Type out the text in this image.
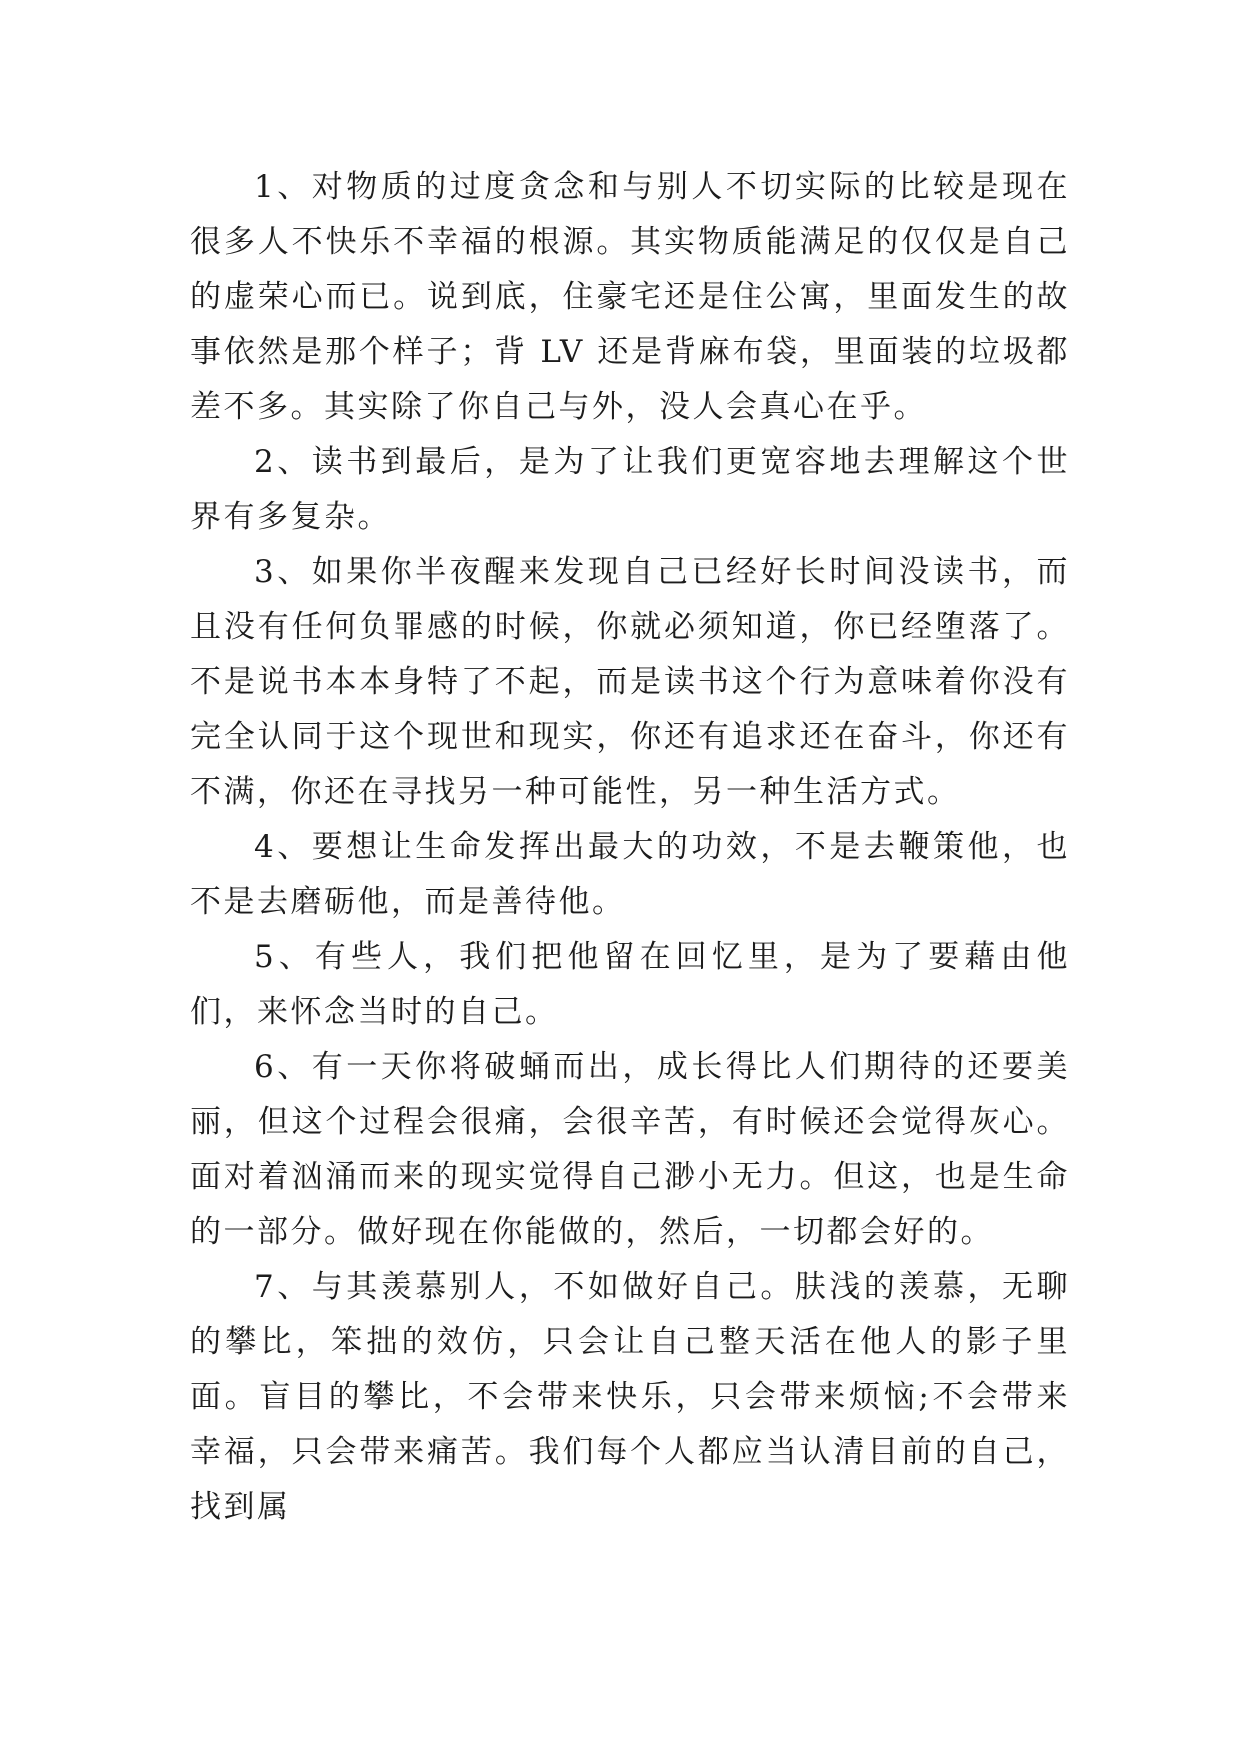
1、对物质的过度贪念和与别人不切实际的比较是现在很多人不快乐不幸福的根源。其实物质能满足的仅仅是自己的虚荣心而已。说到底，住豪宅还是住公寓，里面发生的故事依然是那个样子；背 LV 还是背麻布袋，里面装的垃圾都差不多。其实除了你自己与外，没人会真心在乎。

2、读书到最后，是为了让我们更宽容地去理解这个世界有多复杂。

3、如果你半夜醒来发现自己已经好长时间没读书，而且没有任何负罪感的时候，你就必须知道，你已经堕落了。不是说书本本身特了不起，而是读书这个行为意味着你没有完全认同于这个现世和现实，你还有追求还在奋斗，你还有不满，你还在寻找另一种可能性，另一种生活方式。

4、要想让生命发挥出最大的功效，不是去鞭策他，也不是去磨砺他，而是善待他。

5、有些人，我们把他留在回忆里，是为了要藉由他们，来怀念当时的自己。

6、有一天你将破蛹而出，成长得比人们期待的还要美丽，但这个过程会很痛，会很辛苦，有时候还会觉得灰心。面对着汹涌而来的现实觉得自己渺小无力。但这，也是生命的一部分。做好现在你能做的，然后，一切都会好的。

7、与其羡慕别人，不如做好自己。肤浅的羡慕，无聊的攀比，笨拙的效仿，只会让自己整天活在他人的影子里面。盲目的攀比，不会带来快乐，只会带来烦恼;不会带来幸福，只会带来痛苦。我们每个人都应当认清目前的自己，找到属
